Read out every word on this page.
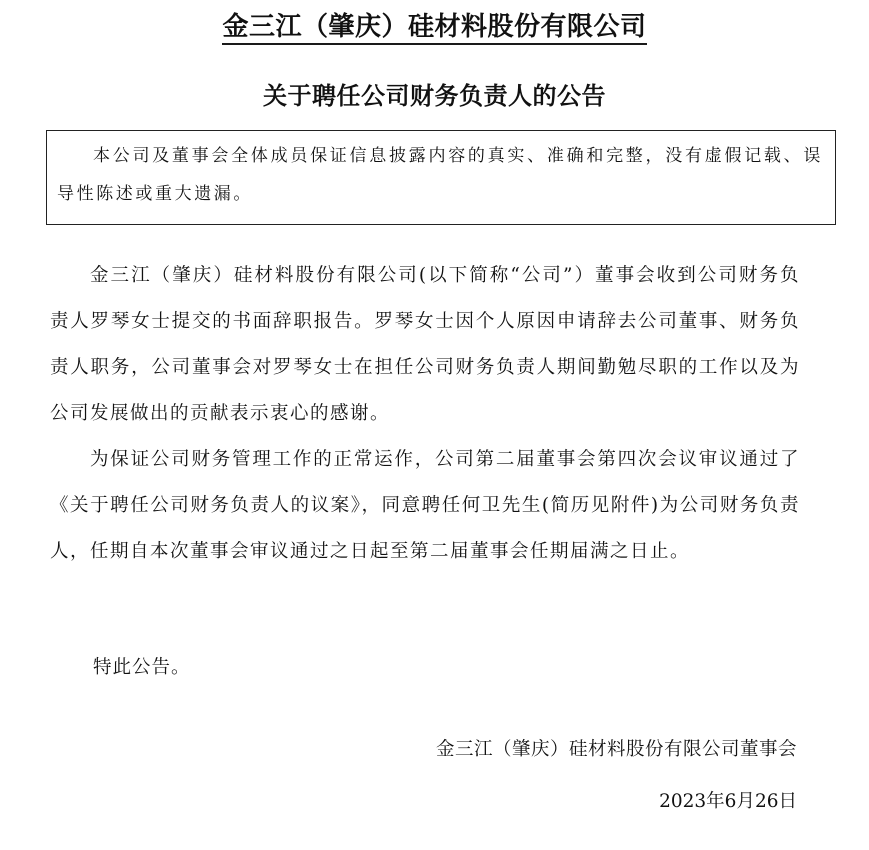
金三江（肇庆）硅材料股份有限公司
关于聘任公司财务负责人的公告
本公司及董事会全体成员保证信息披露内容的真实、准确和完整，没有虚假记载、误导性陈述或重大遗漏。

金三江（肇庆）硅材料股份有限公司(以下简称“公司”）董事会收到公司财务负责人罗琴女士提交的书面辞职报告。罗琴女士因个人原因申请辞去公司董事、财务负责人职务，公司董事会对罗琴女士在担任公司财务负责人期间勤勉尽职的工作以及为公司发展做出的贡献表示衷心的感谢。

为保证公司财务管理工作的正常运作，公司第二届董事会第四次会议审议通过了《关于聘任公司财务负责人的议案》，同意聘任何卫先生(简历见附件)为公司财务负责人，任期自本次董事会审议通过之日起至第二届董事会任期届满之日止。

特此公告。
金三江（肇庆）硅材料股份有限公司董事会
2023年6月26日
